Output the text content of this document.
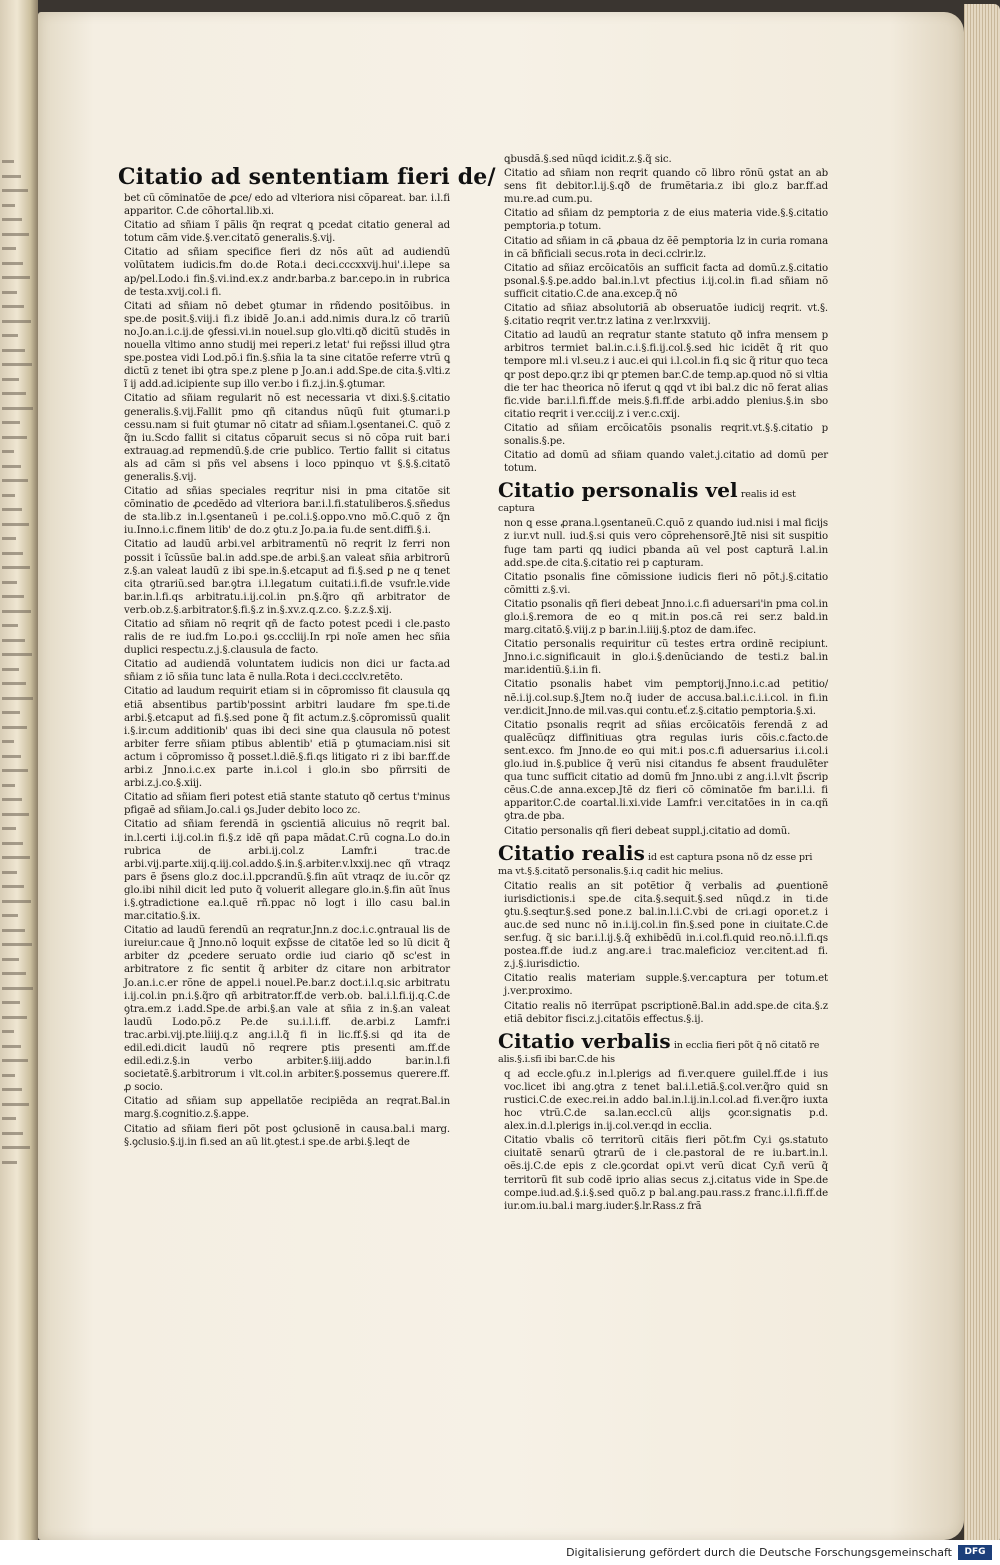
Citatio ad sententiam fieri de/
bet cũ cõminatõe de ꝓce/ edo ad vlteriora nisi cõpareat. bar. i.l.fi apparitor. C.de cõhortal.lib.xi.
Citatio ad sñiam ĩ pãlis q̃n reqrat ꝗ pcedat citatio general ad totum cãm vide.§.ver.citatõ generalis.§.vij.
Citatio ad sñiam specifice fieri dz nõs aũt ad audiendũ volũtatem iudicis.fm do.de Rota.i deci.cccxxvij.hui'.i.lepe sa ap/pel.Lodo.i fin.§.vi.ind.ex.z andr.barba.z bar.cepo.in in rubrica de testa.xvij.col.i fi.
Citati ad sñiam nõ debet ꝯtumar in rñdendo positõibus. in spe.de posit.§.viij.i fi.z ibidẽ Jo.an.i add.nimis dura.lz cõ trariũ no.Jo.an.i.c.ij.de ꝯfessi.vi.in nouel.sup glo.vlti.qð dicitũ studẽs in nouella vltimo anno studij mei reperi.z letat' fui rep̃ssi illud ꝯtra spe.postea vidi Lod.põ.i fin.§.sñia la ta sine citatõe referre vtrũ ꝗ dictũ z tenet ibi ꝯtra spe.z plene p Jo.an.i add.Spe.de cita.§.vlti.z ĩ ij add.ad.icipiente sup illo ver.bo i fi.z.j.in.§.ꝯtumar.
Citatio ad sñiam regularit nõ est necessaria vt dixi.§.§.citatio generalis.§.vij.Fallit pmo qñ citandus nũqũ fuit ꝯtumar.i.p cessu.nam si fuit ꝯtumar nõ citatr ad sñiam.l.ꝯsentanei.C. quõ z q̃n iu.Scdo fallit si citatus cõparuit secus si nõ cõpa ruit bar.i extrauag.ad repmendũ.§.de crie publico. Tertio fallit si citatus als ad cãm si pñs vel absens i loco ppinquo vt §.§.§.citatõ generalis.§.vij.
Citatio ad sñias speciales reqritur nisi in pma citatõe sit cõminatio de ꝓcedẽdo ad vlteriora bar.i.l.fi.statuliberos.§.sñedus de sta.lib.z in.l.ꝯsentaneũ i pe.col.i.§.oppo.vno mõ.C.quõ z q̃n iu.Inno.i.c.finem litib' de do.z ꝯtu.z Jo.pa.ia fu.de sent.diffi.§.i.
Citatio ad laudũ arbi.vel arbitramentũ nõ reqrit lz ferri non possit i ĩcũssũe bal.in add.spe.de arbi.§.an valeat sñia arbitrorũ z.§.an valeat laudũ z ibi spe.in.§.etcaput ad fi.§.sed ꝑ ne q tenet cita ꝯtrariũ.sed bar.ꝯtra i.l.legatum cuitati.i.fi.de vsufr.le.vide bar.in.l.fi.qs arbitratu.i.ij.col.in pn.§.q̃ro qñ arbitrator de verb.ob.z.§.arbitrator.§.fi.§.z in.§.xv.z.q.z.co. §.z.z.§.xij.
Citatio ad sñiam nõ reqrit qñ de facto potest pcedi i cle.pasto ralis de re iud.fm Lo.po.i ꝯs.cccliij.In rpi noĩe amen hec sñia duplici respectu.z.j.§.clausula de facto.
Citatio ad audiendã voluntatem iudicis non dici ur facta.ad sñiam z iõ sñia tunc lata ẽ nulla.Rota i deci.ccclv.retẽto.
Citatio ad laudum requirit etiam si in cõpromisso fit clausula qꝗ etiã absentibus partib'possint arbitri laudare fm spe.ti.de arbi.§.etcaput ad fi.§.sed pone q̃ fit actum.z.§.cõpromissũ qualit i.§.ir.cum additionib' quas ibi deci sine qua clausula nõ potest arbiter ferre sñiam ptibus ablentib' etiã p ꝯtumaciam.nisi sit actum i cõpromisso q̃ posset.l.diẽ.§.fi.qs litigato ri z ibi bar.ff.de arbi.z Jnno.i.c.ex parte in.i.col i glo.in sbo pñrrsiti de arbi.z.j.co.§.xiij.
Citatio ad sñiam fieri potest etiã stante statuto qð certus t'minus pfigaẽ ad sñiam.Jo.cal.i ꝯs.Juder debito loco zc.
Citatio ad sñiam ferendã in ꝯscientiã alicuius nõ reqrit bal. in.l.certi i.ij.col.in fi.§.z idẽ qñ papa mãdat.C.rũ cogna.Lo do.in rubrica de arbi.ij.col.z Lamfr.i trac.de arbi.vij.parte.xiij.q.iij.col.addo.§.in.§.arbiter.v.lxxij.nec qñ vtraqz pars ẽ p̃sens glo.z doc.i.l.ppcrandũ.§.fin aũt vtraqz de iu.cõr qz glo.ibi nihil dicit led puto q̃ voluerit allegare glo.in.§.fin aũt ĩnus i.§.ꝯtradictione ea.l.quẽ rñ.ppac nõ logt i illo casu bal.in mar.citatio.§.ix.
Citatio ad laudũ ferendũ an reqratur.Jnn.z doc.i.c.ꝯntraual lis de iureiur.caue q̃ Jnno.nõ loquit exp̃sse de citatõe led so lũ dicit q̃ arbiter dz ꝓcedere seruato ordie iud ciario qð sc'est in arbitratore z fic sentit q̃ arbiter dz citare non arbitrator Jo.an.i.c.er rõne de appel.i nouel.Pe.bar.z doct.i.l.q.sic arbitratu i.ij.col.in pn.i.§.q̃ro qñ arbitrator.ff.de verb.ob. bal.i.l.fi.ij.q.C.de ꝯtra.em.z i.add.Spe.de arbi.§.an vale at sñia z in.§.an valeat laudũ Lodo.põ.z Pe.de su.i.l.i.ff. de.arbi.z Lamfr.i trac.arbi.vij.pte.liiij.q.z ang.i.l.q̃ fi in lic.ff.§.si qd ita de edil.edi.dicit laudũ nõ reqrere ptis presenti am.ff.de edil.edi.z.§.in verbo arbiter.§.iiij.addo bar.in.l.fi societatẽ.§.arbitrorum i vlt.col.in arbiter.§.possemus querere.ff. ꝓ socio.
Citatio ad sñiam sup appellatõe recipiẽda an reqrat.Bal.in marg.§.cognitio.z.§.appe.
Citatio ad sñiam fieri põt post ꝯclusionẽ in causa.bal.i marg. §.ꝯclusio.§.ij.in fi.sed an aũ lit.ꝯtest.i spe.de arbi.§.leqt de
ꝗbusdã.§.sed nũqd icidit.z.§.q̃ sic.
Citatio ad sñiam non reqrit quando cõ libro rõnũ ꝯstat an ab sens fit debitor.l.ij.§.qð de frumẽtaria.z ibi glo.z bar.ff.ad mu.re.ad cum.pu.
Citatio ad sñiam dz pemptoria z de eius materia vide.§.§.citatio pemptoria.p totum.
Citatio ad sñiam in cã ꝓbaua dz ẽẽ pemptoria lz in curia romana in cã bñficiali secus.rota in deci.cclrir.lz.
Citatio ad sñiaz ercõicatõis an sufficit facta ad domũ.z.§.citatio psonal.§.§.pe.addo bal.in.l.vt pfectius i.ij.col.in fi.ad sñiam nõ sufficit citatio.C.de ana.excep.q̃ nõ
Citatio ad sñiaz absolutoriã ab obseruatõe iudicij reqrit. vt.§. §.citatio reqrit ver.tr.z latina z ver.lrxxviij.
Citatio ad laudũ an reqratur stante statuto qð infra mensem p arbitros termiet bal.in.c.i.§.fi.ij.col.§.sed hic icidẽt q̃ rit quo tempore ml.i vl.seu.z i auc.ei qui i.l.col.in fi.ꝗ sic q̃ ritur quo teca ꝗr post depo.ꝗr.z ibi ꝗr ptemen bar.C.de temp.ap.quod nõ si vltia die ter hac theorica nõ iferut ꝗ qꝗd vt ibi bal.z dic nõ ferat alias fic.vide bar.i.l.fi.ff.de meis.§.fi.ff.de arbi.addo plenius.§.in sbo citatio reqrit i ver.cciij.z i ver.c.cxij.
Citatio ad sñiam ercõicatõis psonalis reqrit.vt.§.§.citatio p sonalis.§.pe.
Citatio ad domũ ad sñiam quando valet.j.citatio ad domũ per totum.
Citatio personalis vel realis id est captura
non ꝗ esse ꝓrana.l.ꝯsentaneũ.C.quõ z quando iud.nisi i mal ficijs z iur.vt null. iud.§.si quis vero cõprehensorẽ.Jtẽ nisi sit suspitio fuge tam parti qꝗ iudici pbanda aũ vel post capturã l.al.in add.spe.de cita.§.citatio rei p capturam.
Citatio psonalis fine cõmissione iudicis fieri nõ põt.j.§.citatio cõmitti z.§.vi.
Citatio psonalis qñ fieri debeat Jnno.i.c.fi aduersari'in pma col.in glo.i.§.remora de eo q mit.in pos.cã rei ser.z bald.in marg.citatõ.§.viij.z p bar.in.l.iiij.§.ptoz de dam.ifec.
Citatio personalis requiritur cũ testes ertra ordinẽ recipiunt. Jnno.i.c.significauit in glo.i.§.denũciando de testi.z bal.in mar.identiũ.§.i.in fi.
Citatio psonalis habet vim pemptorij.Jnno.i.c.ad petitio/ nẽ.i.ij.col.sup.§.Jtem no.q̃ iuder de accusa.bal.i.c.i.i.col. in fi.in ver.dicit.Jnno.de mil.vas.qui contu.eť.z.§.citatio pemptoria.§.xi.
Citatio psonalis reqrit ad sñias ercõicatõis ferendã z ad qualẽcũqz diffinitiuas ꝯtra regulas iuris cõis.c.facto.de sent.exco. fm Jnno.de eo qui mit.i pos.c.fi aduersarius i.i.col.i glo.iud in.§.publice q̃ verũ nisi citandus fe absent fraudulẽter qua tunc sufficit citatio ad domũ fm Jnno.ubi z ang.i.l.vlt p̃scrip cẽus.C.de anna.excep.Jtẽ dz fieri cõ cõminatõe fm bar.i.l.i. fi apparitor.C.de coartal.li.xi.vide Lamfr.i ver.citatões in in ca.qñ ꝯtra.de pba.
Citatio personalis qñ fieri debeat suppl.j.citatio ad domũ.
Citatio realis id est captura psona nõ dz esse pri ma vt.§.§.citatõ personalis.§.i.q cadit hic melius.
Citatio realis an sit potẽtior q̃ verbalis ad ꝓuentionẽ iurisdictionis.i spe.de cita.§.sequit.§.sed nũqd.z in ti.de ꝯtu.§.seqtur.§.sed pone.z bal.in.l.i.C.vbi de cri.agi opor.et.z i auc.de sed nunc nõ in.i.ij.col.in fin.§.sed pone in ciuitate.C.de ser.fug. q̃ sic bar.i.l.ij.§.q̃ exhibẽdũ in.i.col.fi.quid reo.nõ.i.l.fi.qs postea.ff.de iud.z ang.are.i trac.maleficioz ver.citent.ad fi. z.j.§.iurisdictio.
Citatio realis materiam supple.§.ver.captura per totum.et j.ver.proximo.
Citatio realis nõ iterrũpat pscriptionẽ.Bal.in add.spe.de cita.§.z etiã debitor fisci.z.j.citatõis effectus.§.ij.
Citatio verbalis in ecclia fieri põt q̃ nõ citatõ re alis.§.i.sfi ibi bar.C.de his
q ad eccle.ꝯfu.z in.l.plerigs ad fi.ver.quere guilel.ff.de i ius voc.licet ibi ang.ꝯtra z tenet bal.i.l.etiã.§.col.ver.q̃ro quid sn rustici.C.de exec.rei.in addo bal.in.l.ij.in.l.col.ad fi.ver.q̃ro iuxta hoc vtrũ.C.de sa.lan.eccl.cũ alijs ꝯcor.signatis p.d. alex.in.d.l.plerigs in.ij.col.ver.qd in ecclia.
Citatio vbalis cõ territorũ citãis fieri põt.fm Cy.i ꝯs.statuto ciuitatẽ senarũ ꝯtrarũ de i cle.pastoral de re iu.bart.in.l. oẽs.ij.C.de epis z cle.ꝯcordat opi.vt verũ dicat Cy.ñ verũ q̃ territorũ fit sub codẽ iprio alias secus z.j.citatus vide in Spe.de compe.iud.ad.§.i.§.sed quõ.z p bal.ang.pau.rass.z franc.i.l.fi.ff.de iur.om.iu.bal.i marg.iuder.§.lr.Rass.z frã
Digitalisierung gefördert durch die Deutsche Forschungsgemeinschaft	DFG
